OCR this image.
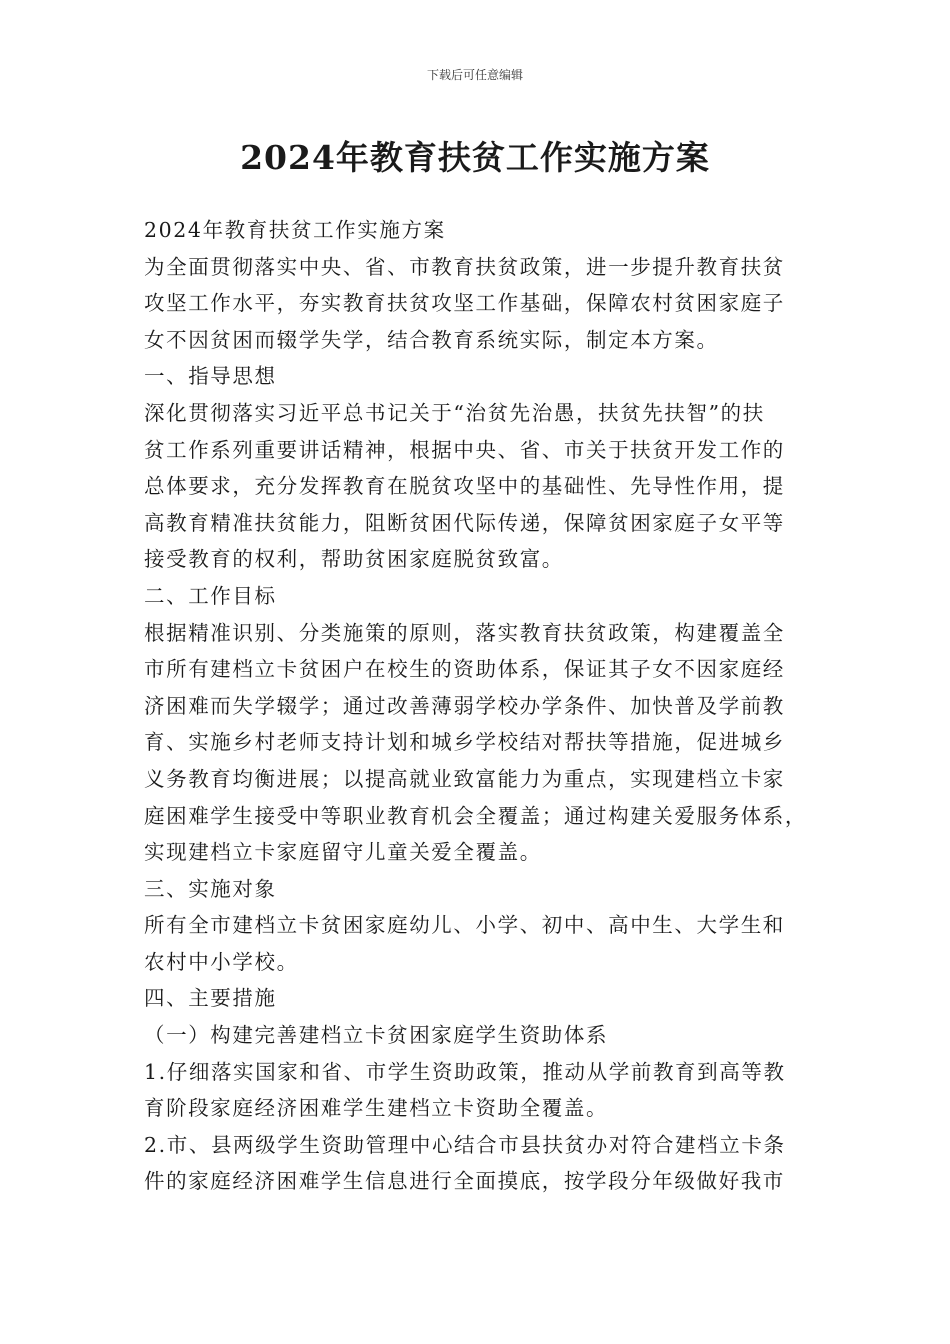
下载后可任意编辑
2024年教育扶贫工作实施方案
2024年教育扶贫工作实施方案
为全面贯彻落实中央、省、市教育扶贫政策，进一步提升教育扶贫
攻坚工作水平，夯实教育扶贫攻坚工作基础，保障农村贫困家庭子
女不因贫困而辍学失学，结合教育系统实际，制定本方案。
一、指导思想
深化贯彻落实习近平总书记关于“治贫先治愚，扶贫先扶智”的扶
贫工作系列重要讲话精神，根据中央、省、市关于扶贫开发工作的
总体要求，充分发挥教育在脱贫攻坚中的基础性、先导性作用，提
高教育精准扶贫能力，阻断贫困代际传递，保障贫困家庭子女平等
接受教育的权利，帮助贫困家庭脱贫致富。
二、工作目标
根据精准识别、分类施策的原则，落实教育扶贫政策，构建覆盖全
市所有建档立卡贫困户在校生的资助体系，保证其子女不因家庭经
济困难而失学辍学；通过改善薄弱学校办学条件、加快普及学前教
育、实施乡村老师支持计划和城乡学校结对帮扶等措施，促进城乡
义务教育均衡进展；以提高就业致富能力为重点，实现建档立卡家
庭困难学生接受中等职业教育机会全覆盖；通过构建关爱服务体系，
实现建档立卡家庭留守儿童关爱全覆盖。
三、实施对象
所有全市建档立卡贫困家庭幼儿、小学、初中、高中生、大学生和
农村中小学校。
四、主要措施
（一）构建完善建档立卡贫困家庭学生资助体系
1.仔细落实国家和省、市学生资助政策，推动从学前教育到高等教
育阶段家庭经济困难学生建档立卡资助全覆盖。
2.市、县两级学生资助管理中心结合市县扶贫办对符合建档立卡条
件的家庭经济困难学生信息进行全面摸底，按学段分年级做好我市
